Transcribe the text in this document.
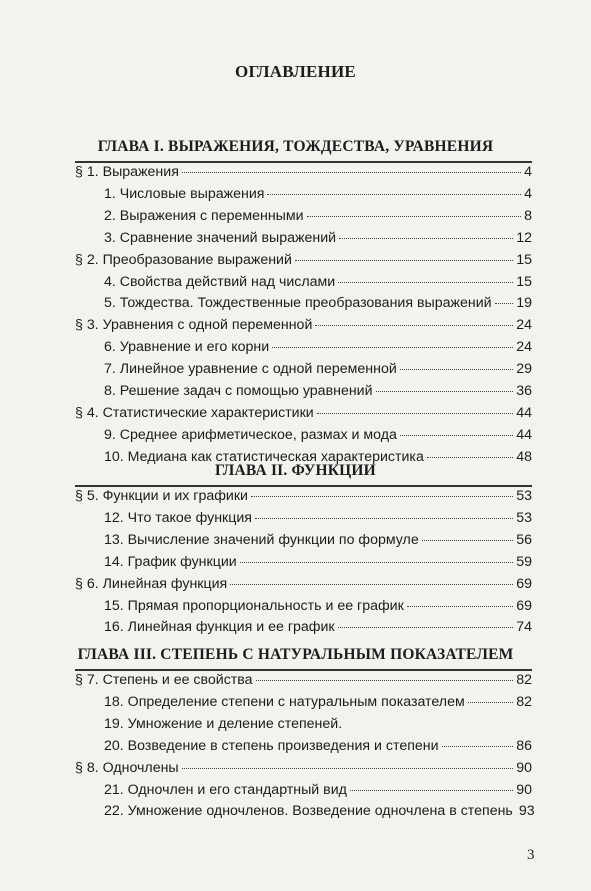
ОГЛАВЛЕНИЕ
ГЛАВА I. ВЫРАЖЕНИЯ, ТОЖДЕСТВА, УРАВНЕНИЯ
§ 1. Выражения	4
1. Числовые выражения	4
2. Выражения с переменными	8
3. Сравнение значений выражений	12
§ 2. Преобразование выражений	15
4. Свойства действий над числами	15
5. Тождества. Тождественные преобразования выражений 19
§ 3. Уравнения с одной переменной	24
6. Уравнение и его корни	24
7. Линейное уравнение с одной переменной	29
8. Решение задач с помощью уравнений	36
§ 4. Статистические характеристики	44
9. Среднее арифметическое, размах и мода	44
10. Медиана как статистическая характеристика	48
ГЛАВА II. ФУНКЦИИ
§ 5. Функции и их графики	53
12. Что такое функция	53
13. Вычисление значений функции по формуле	56
14. График функции	59
§ 6. Линейная функция	69
15. Прямая пропорциональность и ее график	69
16. Линейная функция и ее график	74
ГЛАВА III. СТЕПЕНЬ С НАТУРАЛЬНЫМ ПОКАЗАТЕЛЕМ
§ 7. Степень и ее свойства	82
18. Определение степени с натуральным показателем	82
19. Умножение и деление степеней.
20. Возведение в степень произведения и степени	86
§ 8. Одночлены	90
21. Одночлен и его стандартный вид	90
22. Умножение одночленов. Возведение одночлена в степень 93
3
